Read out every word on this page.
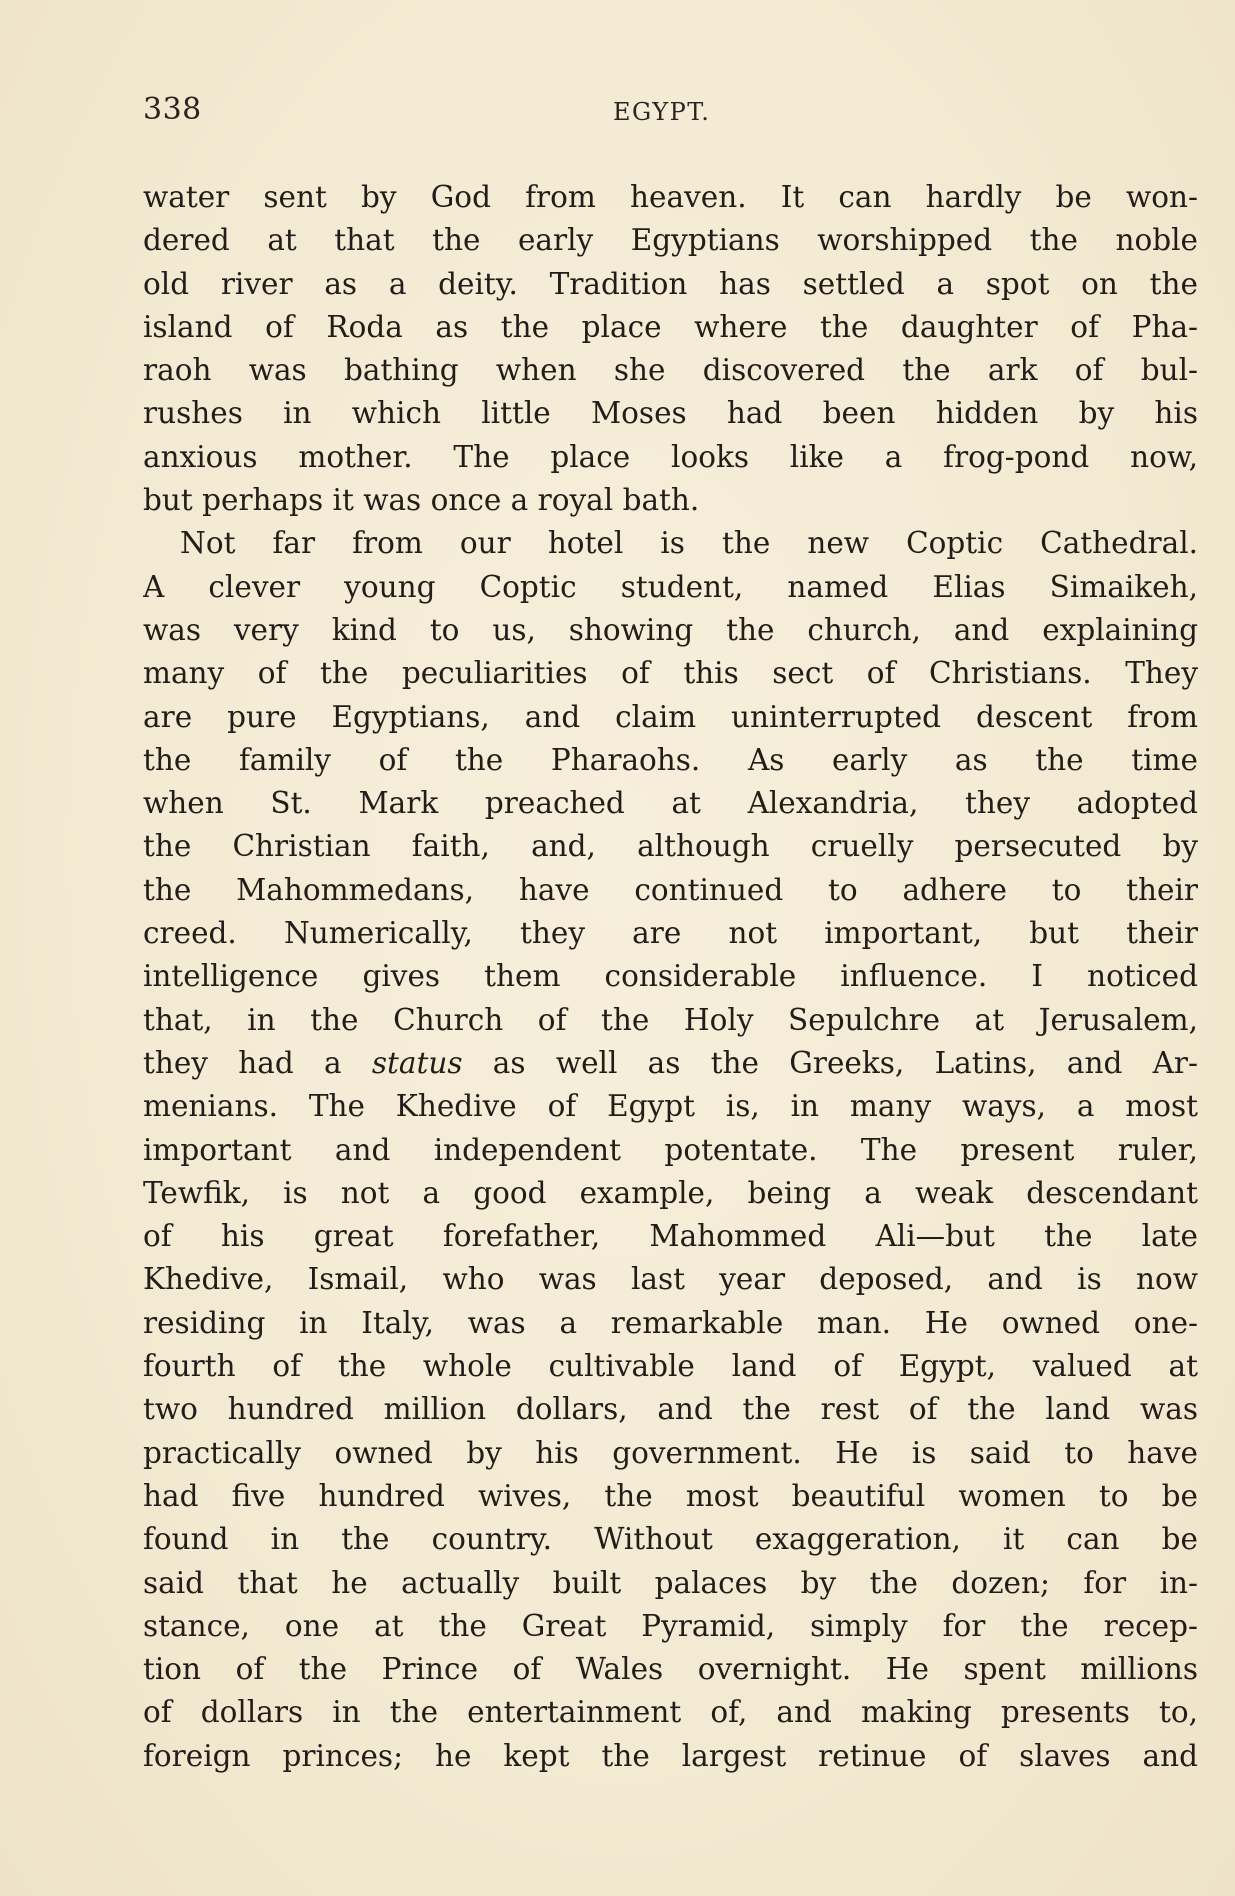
338	EGYPT.
water sent by God from heaven. It can hardly be won-
dered at that the early Egyptians worshipped the noble
old river as a deity. Tradition has settled a spot on the
island of Roda as the place where the daughter of Pha-
raoh was bathing when she discovered the ark of bul-
rushes in which little Moses had been hidden by his
anxious mother. The place looks like a frog-pond now,
but perhaps it was once a royal bath.
Not far from our hotel is the new Coptic Cathedral.
A clever young Coptic student, named Elias Simaikeh,
was very kind to us, showing the church, and explaining
many of the peculiarities of this sect of Christians. They
are pure Egyptians, and claim uninterrupted descent from
the family of the Pharaohs. As early as the time
when St. Mark preached at Alexandria, they adopted
the Christian faith, and, although cruelly persecuted by
the Mahommedans, have continued to adhere to their
creed. Numerically, they are not important, but their
intelligence gives them considerable influence. I noticed
that, in the Church of the Holy Sepulchre at Jerusalem,
they had a status as well as the Greeks, Latins, and Ar-
menians. The Khedive of Egypt is, in many ways, a most
important and independent potentate. The present ruler,
Tewfik, is not a good example, being a weak descendant
of his great forefather, Mahommed Ali—but the late
Khedive, Ismail, who was last year deposed, and is now
residing in Italy, was a remarkable man. He owned one-
fourth of the whole cultivable land of Egypt, valued at
two hundred million dollars, and the rest of the land was
practically owned by his government. He is said to have
had five hundred wives, the most beautiful women to be
found in the country. Without exaggeration, it can be
said that he actually built palaces by the dozen; for in-
stance, one at the Great Pyramid, simply for the recep-
tion of the Prince of Wales overnight. He spent millions
of dollars in the entertainment of, and making presents to,
foreign princes; he kept the largest retinue of slaves and
